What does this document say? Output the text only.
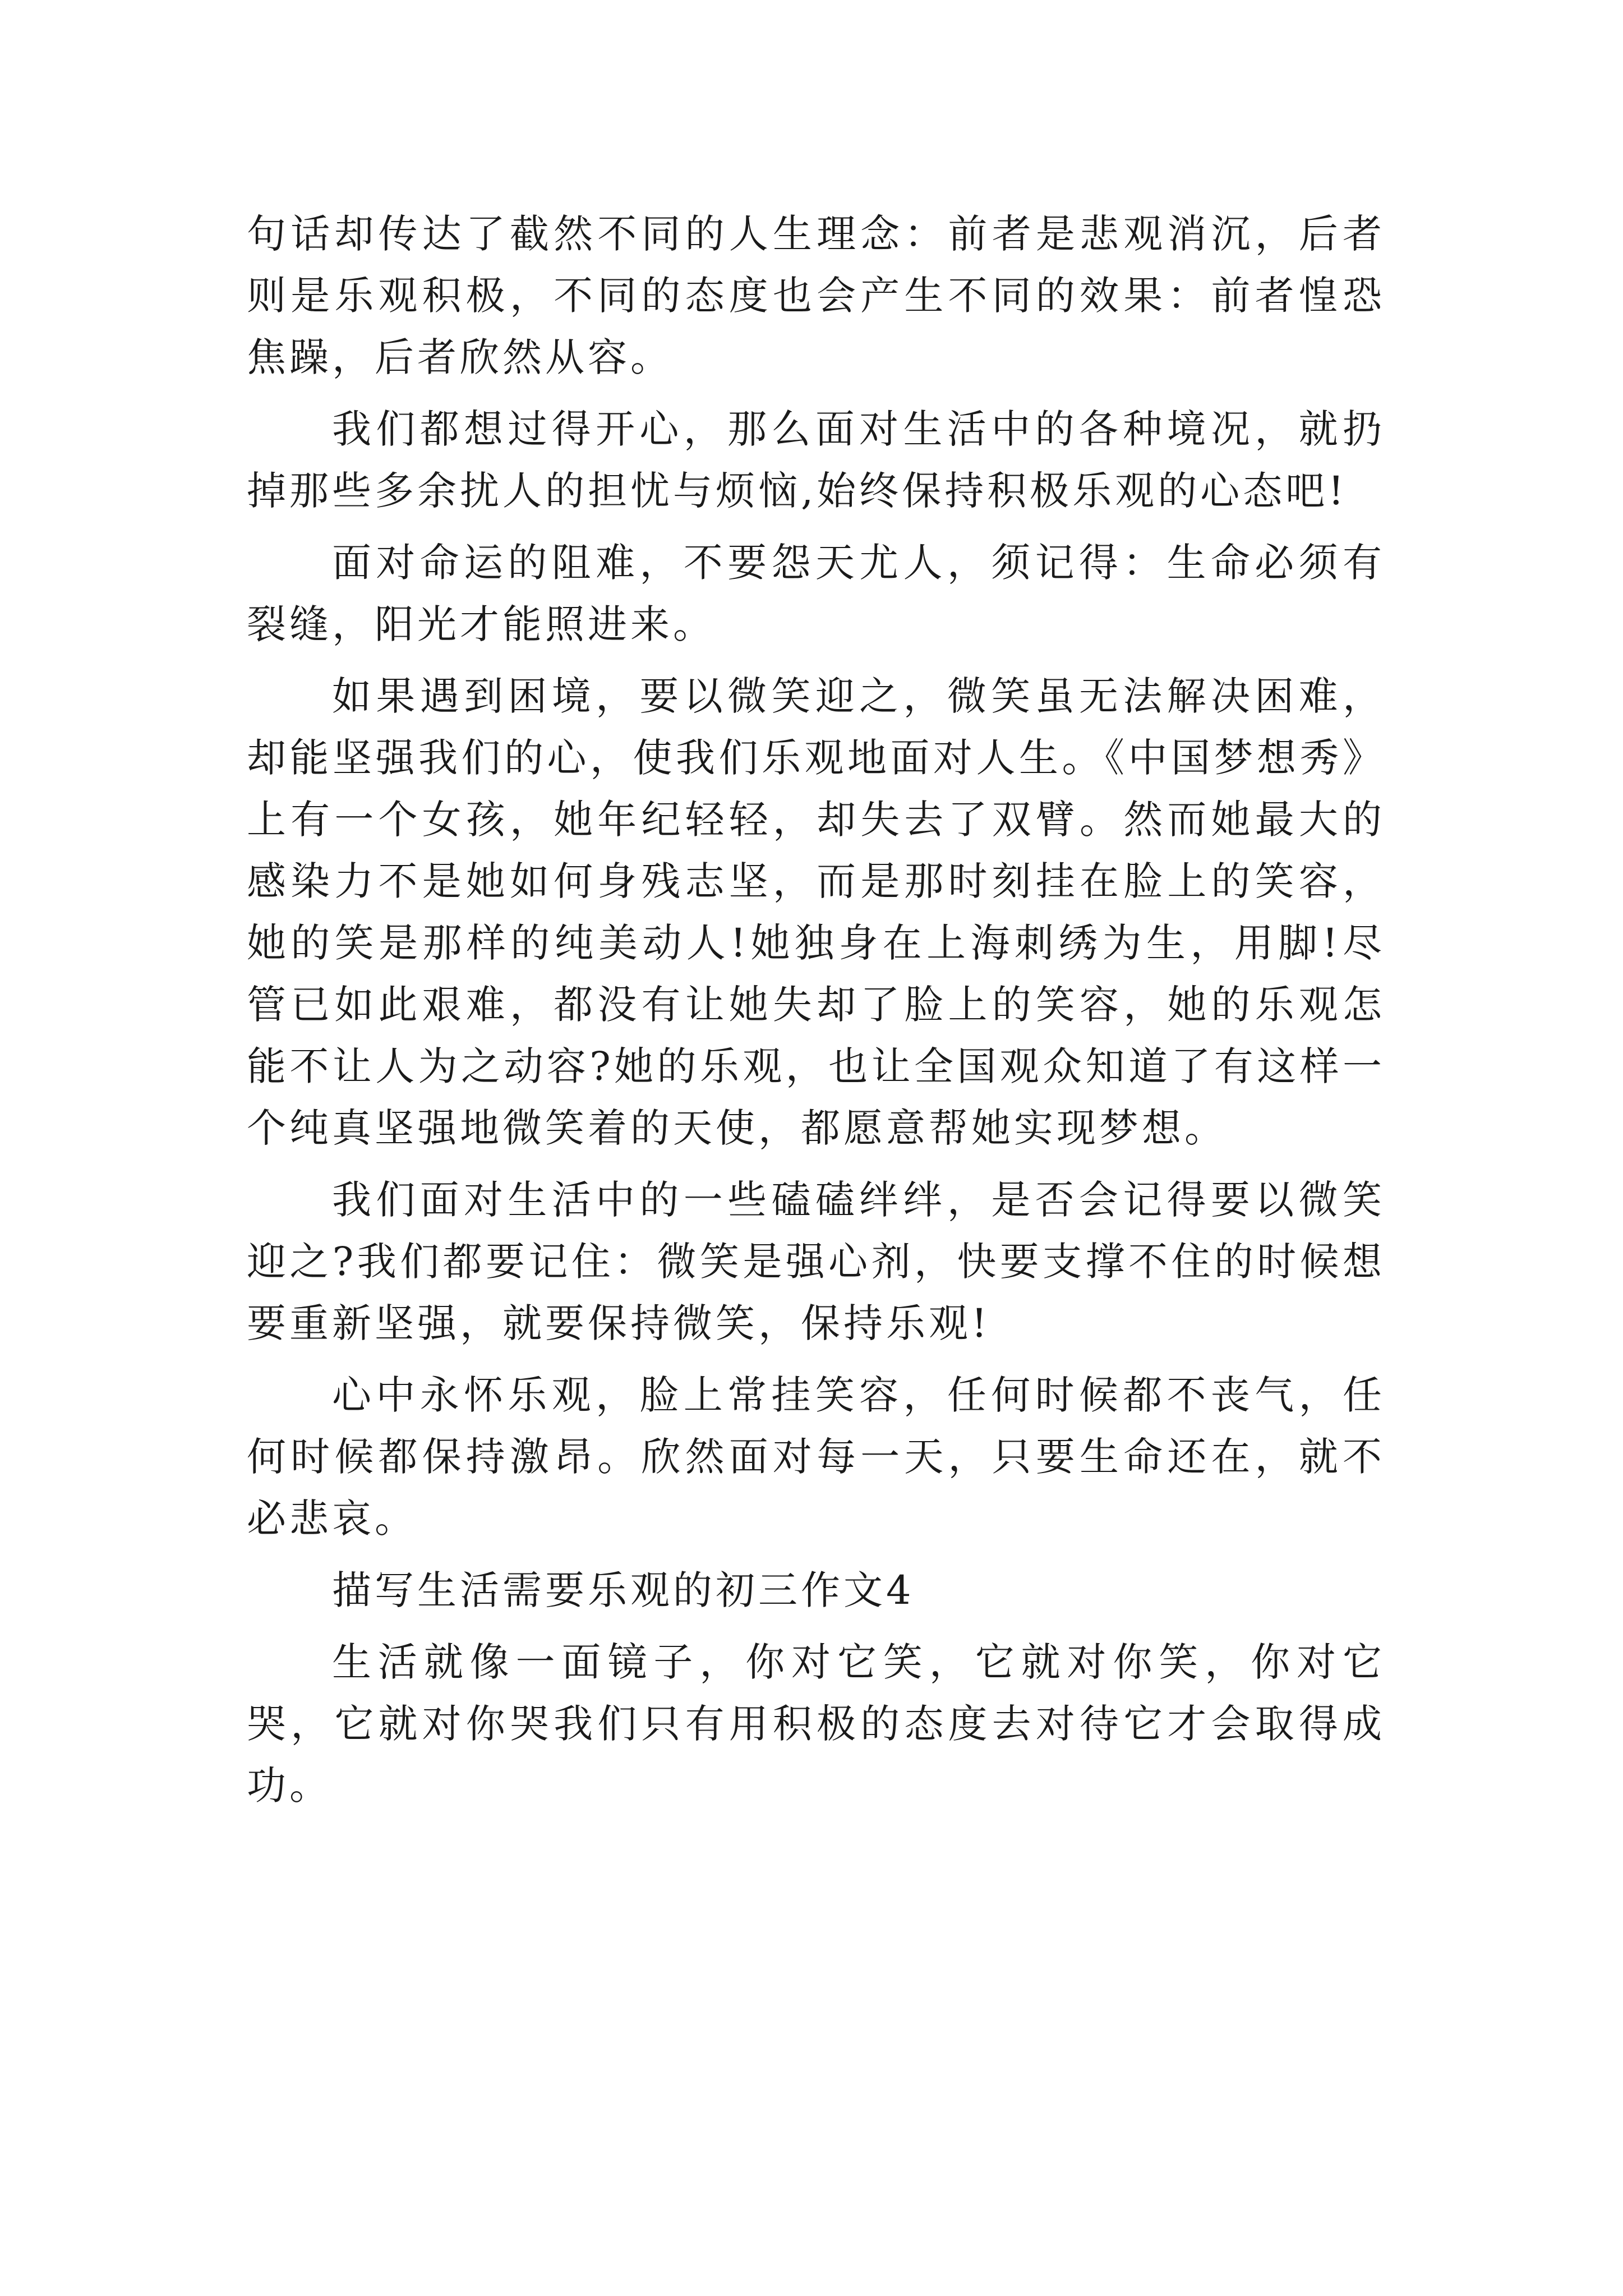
句话却传达了截然不同的人生理念：前者是悲观消沉，后者则是乐观积极，不同的态度也会产生不同的效果：前者惶恐焦躁，后者欣然从容。

我们都想过得开心，那么面对生活中的各种境况，就扔掉那些多余扰人的担忧与烦恼,始终保持积极乐观的心态吧!

面对命运的阻难，不要怨天尤人，须记得：生命必须有裂缝，阳光才能照进来。

如果遇到困境，要以微笑迎之，微笑虽无法解决困难，却能坚强我们的心，使我们乐观地面对人生。《中国梦想秀》上有一个女孩，她年纪轻轻，却失去了双臂。然而她最大的感染力不是她如何身残志坚，而是那时刻挂在脸上的笑容，她的笑是那样的纯美动人!她独身在上海刺绣为生，用脚!尽管已如此艰难，都没有让她失却了脸上的笑容，她的乐观怎能不让人为之动容?她的乐观，也让全国观众知道了有这样一个纯真坚强地微笑着的天使，都愿意帮她实现梦想。

我们面对生活中的一些磕磕绊绊，是否会记得要以微笑迎之?我们都要记住：微笑是强心剂，快要支撑不住的时候想要重新坚强，就要保持微笑，保持乐观!

心中永怀乐观，脸上常挂笑容，任何时候都不丧气，任何时候都保持激昂。欣然面对每一天，只要生命还在，就不必悲哀。

描写生活需要乐观的初三作文4

生活就像一面镜子，你对它笑，它就对你笑，你对它哭，它就对你哭我们只有用积极的态度去对待它才会取得成功。
